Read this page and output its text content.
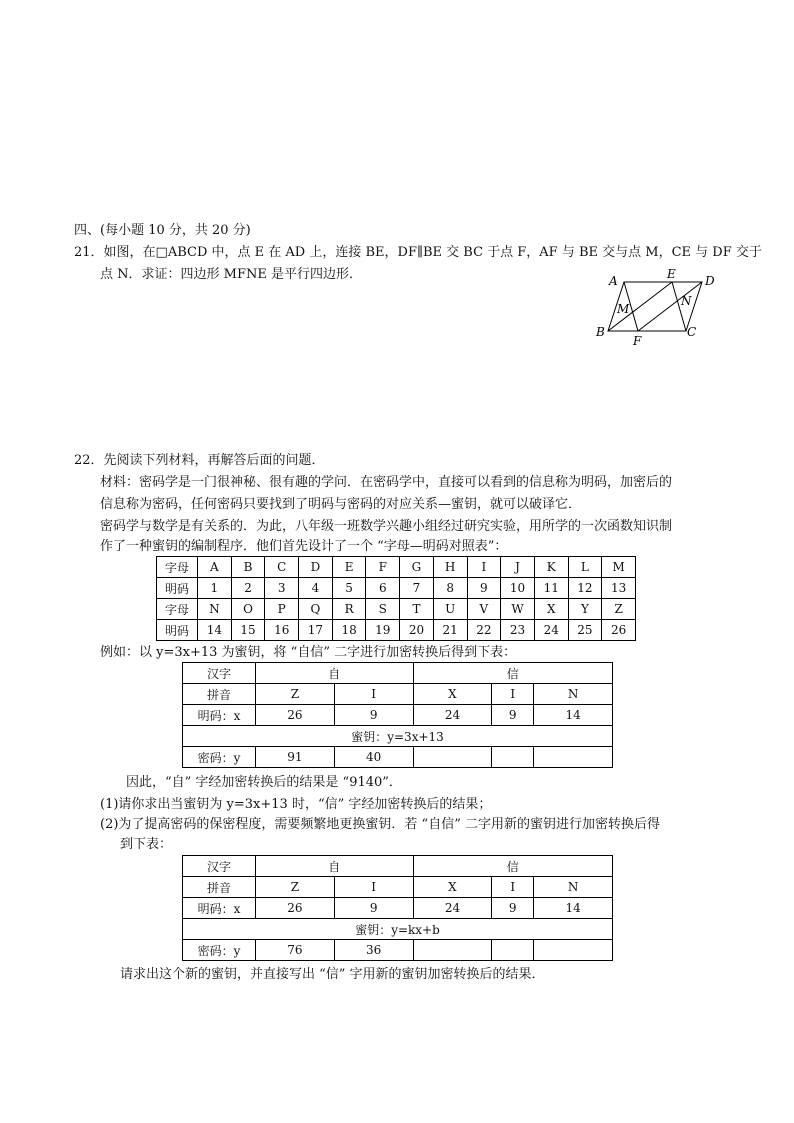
四、(每小题 10 分，共 20 分)
21．如图，在□ABCD 中，点 E 在 AD 上，连接 BE，DF∥BE 交 BC 于点 F，AF 与 BE 交与点 M，CE 与 DF 交于
点 N．求证：四边形 MFNE 是平行四边形．	A	E D
M
N
B
F
C
22．先阅读下列材料，再解答后面的问题．
材料：密码学是一门很神秘、很有趣的学问．在密码学中，直接可以看到的信息称为明码，加密后的
信息称为密码，任何密码只要找到了明码与密码的对应关系—蜜钥，就可以破译它．
密码学与数学是有关系的．为此，八年级一班数学兴趣小组经过研究实验，用所学的一次函数知识制
作了一种蜜钥的编制程序．他们首先设计了一个 “字母—明码对照表”：
字母	A	B	C	D	E	F	G	H	I	J	K	L	M
明码	1	2	3	4	5	6	7	8	9	10	11	12	13
字母	N	O	P	Q	R	S	T	U	V	W	X	Y	Z
明码	14	15	16	17	18	19	20	21	22	23	24	25	26
例如：以 y=3x+13 为蜜钥，将 “自信” 二字进行加密转换后得到下表：
汉字	自		信		
拼音	Z	I	X	I	N
明码：x	26	9	24	9	14
蜜钥：y=3x+13					
密码：y	91	40			
因此，“自” 字经加密转换后的结果是 “9140”．
(1)请你求出当蜜钥为 y=3x+13 时，“信” 字经加密转换后的结果；
(2)为了提高密码的保密程度，需要频繁地更换蜜钥．若 “自信” 二字用新的蜜钥进行加密转换后得
到下表：
汉字	自		信		
拼音	Z	I	X	I	N
明码：x	26	9	24	9	14
蜜钥：y=kx+b					
密码：y	76	36			
请求出这个新的蜜钥，并直接写出 “信” 字用新的蜜钥加密转换后的结果．
